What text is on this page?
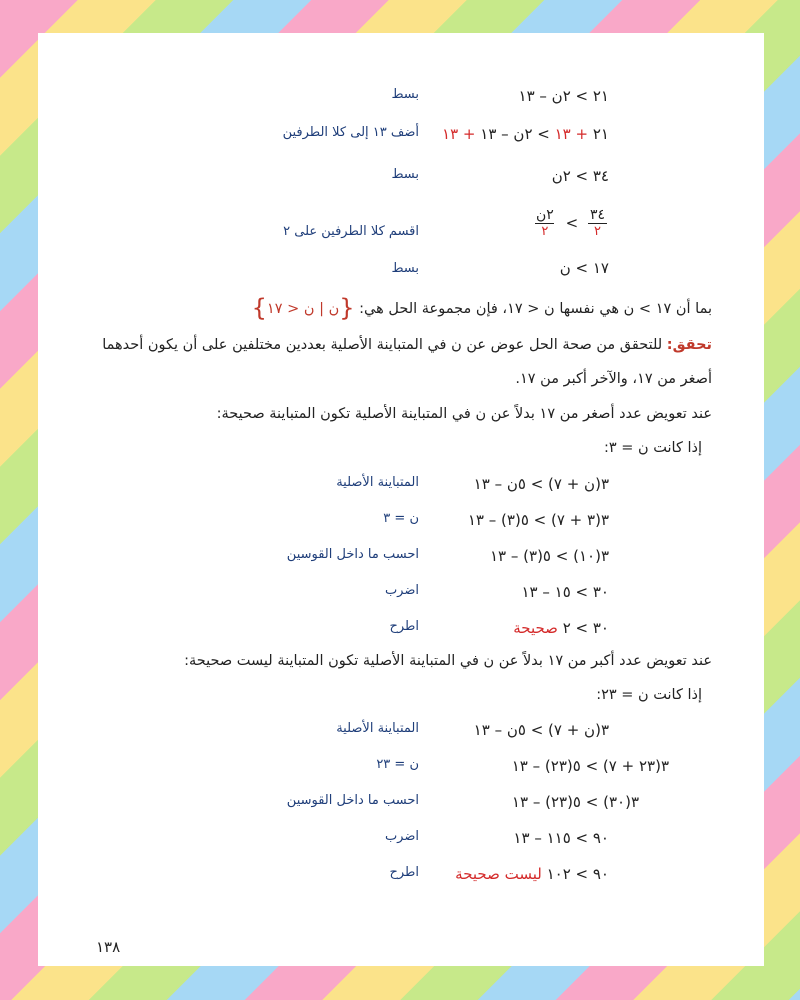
٢١ > ٢ن – ١٣
بسط
٢١ + ١٣ > ٢ن – ١٣ + ١٣
أضف ١٣ إلى كلا الطرفين
٣٤ > ٢ن
بسط
$\frac{٣٤}{٢}$
>
$\frac{\text{٢ن}}{٢}$
اقسم كلا الطرفين على ٢
١٧ > ن
بسط
بما أن ١٧ > ن هي نفسها ن < ١٧، فإن مجموعة الحل هي: {ن | ن < ١٧}
تحقق: للتحقق من صحة الحل عوض عن ن في المتباينة الأصلية بعددين مختلفين على أن يكون أحدهما
أصغر من ١٧، والآخر أكبر من ١٧.
عند تعويض عدد أصغر من ١٧ بدلاً عن ن في المتباينة الأصلية تكون المتباينة صحيحة:
إذا كانت ن = ٣:
٣(ن + ٧) > ٥ن – ١٣
المتباينة الأصلية
٣(٣ + ٧) > ٥(٣) – ١٣
ن = ٣
٣(١٠) > ٥(٣) – ١٣
احسب ما داخل القوسين
٣٠ > ١٥ – ١٣
اضرب
٣٠ > ٢ صحيحة
اطرح
عند تعويض عدد أكبر من ١٧ بدلاً عن ن في المتباينة الأصلية تكون المتباينة ليست صحيحة:
إذا كانت ن = ٢٣:
٣(ن + ٧) > ٥ن – ١٣
المتباينة الأصلية
٣(٢٣ + ٧) > ٥(٢٣) – ١٣
ن = ٢٣
٣(٣٠) > ٥(٢٣) – ١٣
احسب ما داخل القوسين
٩٠ > ١١٥ – ١٣
اضرب
٩٠ > ١٠٢ ليست صحيحة
اطرح
١٣٨
